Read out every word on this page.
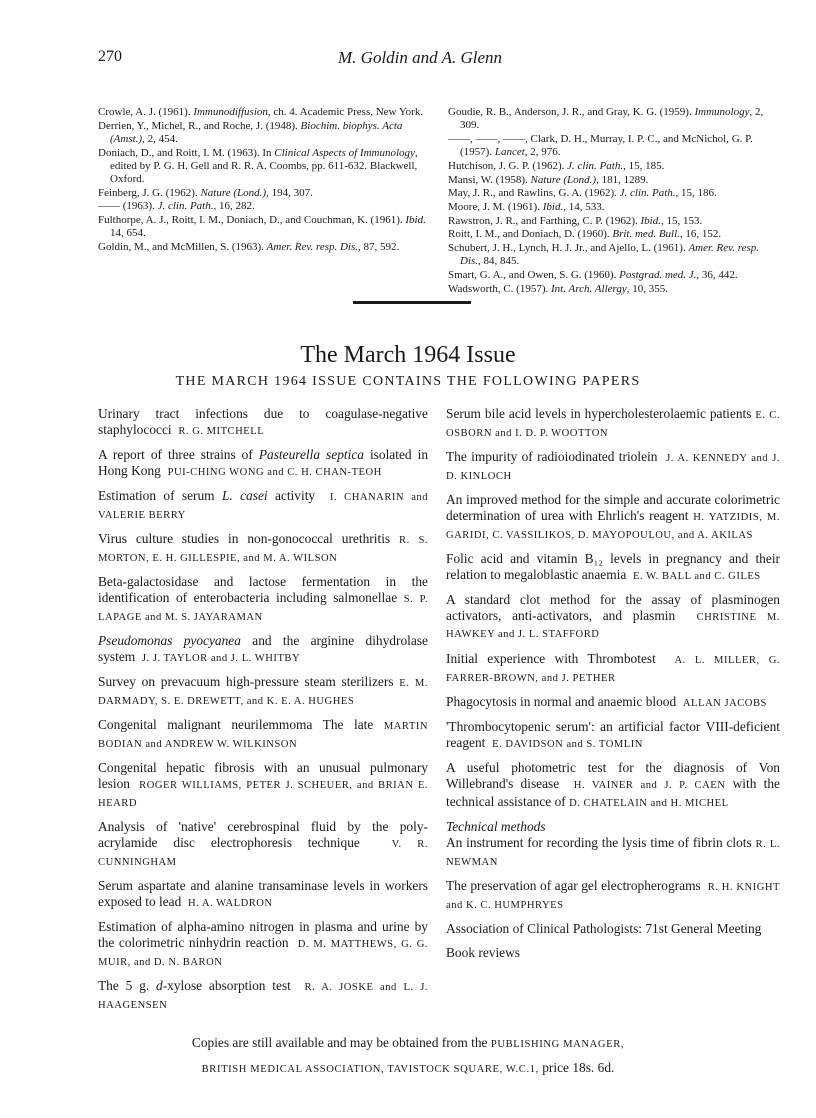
270	M. Goldin and A. Glenn

Crowle, A. J. (1961). Immunodiffusion, ch. 4. Academic Press, New York.

Derrien, Y., Michel, R., and Roche, J. (1948). Biochim. biophys. Acta (Amst.), 2, 454.

Doniach, D., and Roitt, I. M. (1963). In Clinical Aspects of Immunology, edited by P. G. H. Gell and R. R. A. Coombs, pp. 611-632. Blackwell, Oxford.

Feinberg, J. G. (1962). Nature (Lond.), 194, 307.

—— (1963). J. clin. Path., 16, 282.

Fulthorpe, A. J., Roitt, I. M., Doniach, D., and Couchman, K. (1961). Ibid. 14, 654.

Goldin, M., and McMillen, S. (1963). Amer. Rev. resp. Dis., 87, 592.

Goudie, R. B., Anderson, J. R., and Gray, K. G. (1959). Immunology, 2, 309.

——, ——, ——, Clark, D. H., Murray, I. P. C., and McNichol, G. P. (1957). Lancet, 2, 976.

Hutchison, J. G. P. (1962). J. clin. Path., 15, 185.

Mansi, W. (1958). Nature (Lond.), 181, 1289.

May, J. R., and Rawlins, G. A. (1962). J. clin. Path., 15, 186.

Moore, J. M. (1961). Ibid., 14, 533.

Rawstron, J. R., and Farthing, C. P. (1962). Ibid., 15, 153.

Roitt, I. M., and Doniach, D. (1960). Brit. med. Bull., 16, 152.

Schubert, J. H., Lynch, H. J. Jr., and Ajello, L. (1961). Amer. Rev. resp. Dis., 84, 845.

Smart, G. A., and Owen, S. G. (1960). Postgrad. med. J., 36, 442.

Wadsworth, C. (1957). Int. Arch. Allergy, 10, 355.

The March 1964 Issue
THE MARCH 1964 ISSUE CONTAINS THE FOLLOWING PAPERS

Urinary tract infections due to coagulase-negative staphylococci R. G. MITCHELL

A report of three strains of Pasteurella septica isolated in Hong Kong PUI-CHING WONG and C. H. CHAN-TEOH

Estimation of serum L. casei activity I. CHANARIN and VALERIE BERRY

Virus culture studies in non-gonococcal urethritis R. S. MORTON, E. H. GILLESPIE, and M. A. WILSON

Beta-galactosidase and lactose fermentation in the identification of enterobacteria including salmonellae S. P. LAPAGE and M. S. JAYARAMAN

Pseudomonas pyocyanea and the arginine dihydrolase system J. J. TAYLOR and J. L. WHITBY

Survey on prevacuum high-pressure steam sterilizers E. M. DARMADY, S. E. DREWETT, and K. E. A. HUGHES

Congenital malignant neurilemmoma The late MARTIN BODIAN and ANDREW W. WILKINSON

Congenital hepatic fibrosis with an unusual pulmonary lesion ROGER WILLIAMS, PETER J. SCHEUER, and BRIAN E. HEARD

Analysis of 'native' cerebrospinal fluid by the poly-acrylamide disc electrophoresis technique	V. R. CUNNINGHAM

Serum aspartate and alanine transaminase levels in workers exposed to lead H. A. WALDRON

Estimation of alpha-amino nitrogen in plasma and urine by the colorimetric ninhydrin reaction D. M. MATTHEWS, G. G. MUIR, and D. N. BARON

The 5 g. d-xylose absorption test R. A. JOSKE and L. J. HAAGENSEN

Serum bile acid levels in hypercholesterolaemic patients E. C. OSBORN and I. D. P. WOOTTON

The impurity of radioiodinated triolein J. A. KENNEDY and J. D. KINLOCH

An improved method for the simple and accurate colorimetric determination of urea with Ehrlich's reagent H. YATZIDIS, M. GARIDI, C. VASSILIKOS, D. MAYOPOULOU, and A. AKILAS

Folic acid and vitamin B₁₂ levels in pregnancy and their relation to megaloblastic anaemia E. W. BALL and C. GILES

A standard clot method for the assay of plasminogen activators, anti-activators, and plasmin CHRISTINE M. HAWKEY and J. L. STAFFORD

Initial experience with Thrombotest A. L. MILLER, G. FARRER-BROWN, and J. PETHER

Phagocytosis in normal and anaemic blood ALLAN JACOBS

'Thrombocytopenic serum': an artificial factor VIII-deficient reagent E. DAVIDSON and S. TOMLIN

A useful photometric test for the diagnosis of Von Willebrand's disease H. VAINER and J. P. CAEN with the technical assistance of D. CHATELAIN and H. MICHEL

Technical methods

An instrument for recording the lysis time of fibrin clots R. L. NEWMAN

The preservation of agar gel electropherograms R. H. KNIGHT and K. C. HUMPHRYES

Association of Clinical Pathologists: 71st General Meeting

Book reviews

Copies are still available and may be obtained from the PUBLISHING MANAGER,
BRITISH MEDICAL ASSOCIATION, TAVISTOCK SQUARE, W.C.1, price 18s. 6d.
